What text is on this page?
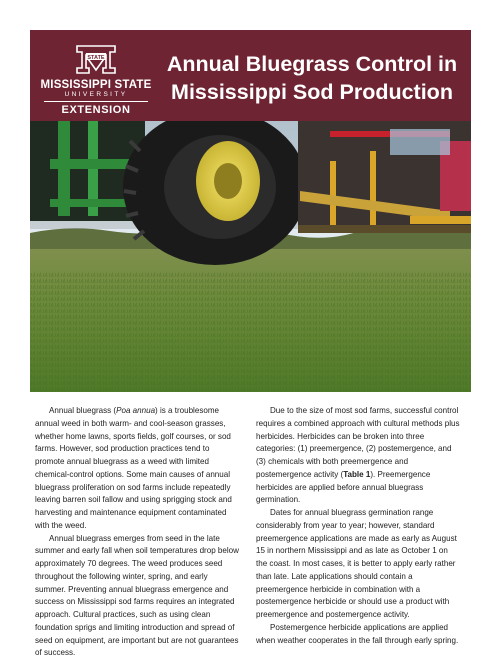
STATE
MISSISSIPPI STATE
UNIVERSITY
EXTENSION
Annual Bluegrass Control in
Mississippi Sod Production

Annual bluegrass (Poa annua) is a troublesome annual weed in both warm- and cool-season grasses, whether home lawns, sports fields, golf courses, or sod farms. However, sod production practices tend to promote annual bluegrass as a weed with limited chemical-control options. Some main causes of annual bluegrass proliferation on sod farms include repeatedly leaving barren soil fallow and using sprigging stock and harvesting and maintenance equipment contaminated with the weed.

Annual bluegrass emerges from seed in the late summer and early fall when soil temperatures drop below approximately 70 degrees. The weed produces seed throughout the following winter, spring, and early summer. Preventing annual bluegrass emergence and success on Mississippi sod farms requires an integrated approach. Cultural practices, such as using clean foundation sprigs and limiting introduction and spread of seed on equipment, are important but are not guarantees of success.

Due to the size of most sod farms, successful control requires a combined approach with cultural methods plus herbicides. Herbicides can be broken into three categories: (1) preemergence, (2) postemergence, and (3) chemicals with both preemergence and postemergence activity (Table 1). Preemergence herbicides are applied before annual bluegrass germination.

Dates for annual bluegrass germination range considerably from year to year; however, standard preemergence applications are made as early as August 15 in northern Mississippi and as late as October 1 on the coast. In most cases, it is better to apply early rather than late. Late applications should contain a preemergence herbicide in combination with a postemergence herbicide or should use a product with preemergence and postemergence activity.

Postemergence herbicide applications are applied when weather cooperates in the fall through early spring.
